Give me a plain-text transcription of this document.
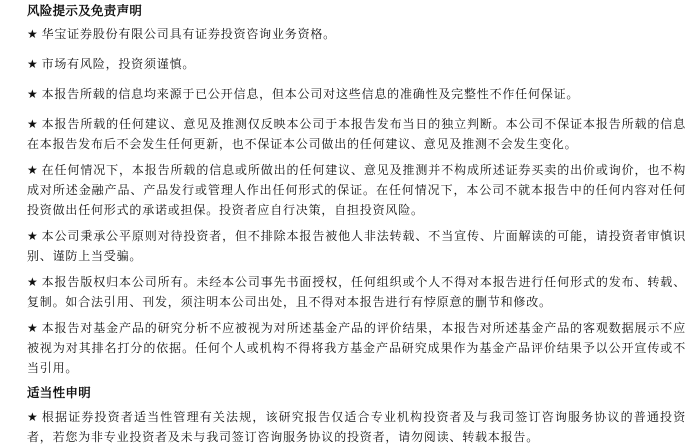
风险提示及免责声明

★ 华宝证券股份有限公司具有证券投资咨询业务资格。

★ 市场有风险，投资须谨慎。

★ 本报告所载的信息均来源于已公开信息，但本公司对这些信息的准确性及完整性不作任何保证。

★ 本报告所载的任何建议、意见及推测仅反映本公司于本报告发布当日的独立判断。本公司不保证本报告所载的信息在本报告发布后不会发生任何更新，也不保证本公司做出的任何建议、意见及推测不会发生变化。

★ 在任何情况下，本报告所载的信息或所做出的任何建议、意见及推测并不构成所述证券买卖的出价或询价，也不构成对所述金融产品、产品发行或管理人作出任何形式的保证。在任何情况下，本公司不就本报告中的任何内容对任何投资做出任何形式的承诺或担保。投资者应自行决策，自担投资风险。

★ 本公司秉承公平原则对待投资者，但不排除本报告被他人非法转载、不当宣传、片面解读的可能，请投资者审慎识别、谨防上当受骗。

★ 本报告版权归本公司所有。未经本公司事先书面授权，任何组织或个人不得对本报告进行任何形式的发布、转载、复制。如合法引用、刊发，须注明本公司出处，且不得对本报告进行有悖原意的删节和修改。

★ 本报告对基金产品的研究分析不应被视为对所述基金产品的评价结果，本报告对所述基金产品的客观数据展示不应被视为对其排名打分的依据。任何个人或机构不得将我方基金产品研究成果作为基金产品评价结果予以公开宣传或不当引用。

适当性申明

★ 根据证券投资者适当性管理有关法规，该研究报告仅适合专业机构投资者及与我司签订咨询服务协议的普通投资者，若您为非专业投资者及未与我司签订咨询服务协议的投资者，请勿阅读、转载本报告。
